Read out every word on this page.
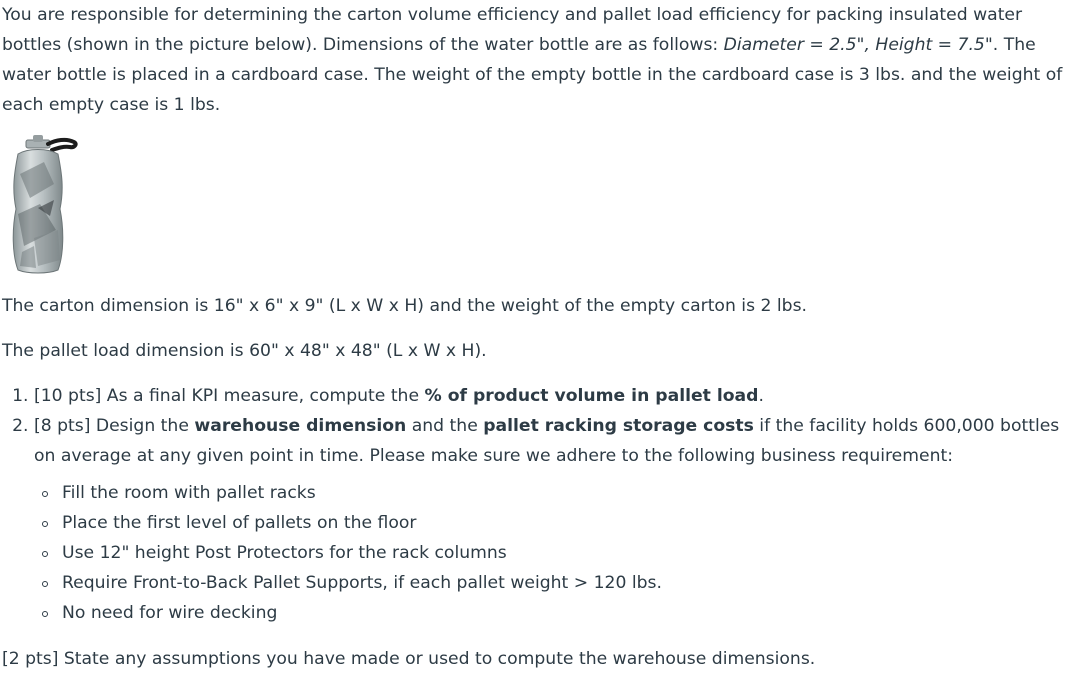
You are responsible for determining the carton volume efficiency and pallet load efficiency for packing insulated water bottles (shown in the picture below). Dimensions of the water bottle are as follows: Diameter = 2.5", Height = 7.5". The water bottle is placed in a cardboard case. The weight of the empty bottle in the cardboard case is 3 lbs. and the weight of each empty case is 1 lbs.

The carton dimension is 16" x 6" x 9" (L x W x H) and the weight of the empty carton is 2 lbs.

The pallet load dimension is 60" x 48" x 48" (L x W x H).

1. [10 pts] As a final KPI measure, compute the % of product volume in pallet load.
2. [8 pts] Design the warehouse dimension and the pallet racking storage costs if the facility holds 600,000 bottles on average at any given point in time. Please make sure we adhere to the following business requirement:
Fill the room with pallet racks
Place the first level of pallets on the floor
Use 12" height Post Protectors for the rack columns
Require Front-to-Back Pallet Supports, if each pallet weight > 120 lbs.
No need for wire decking

[2 pts] State any assumptions you have made or used to compute the warehouse dimensions.
